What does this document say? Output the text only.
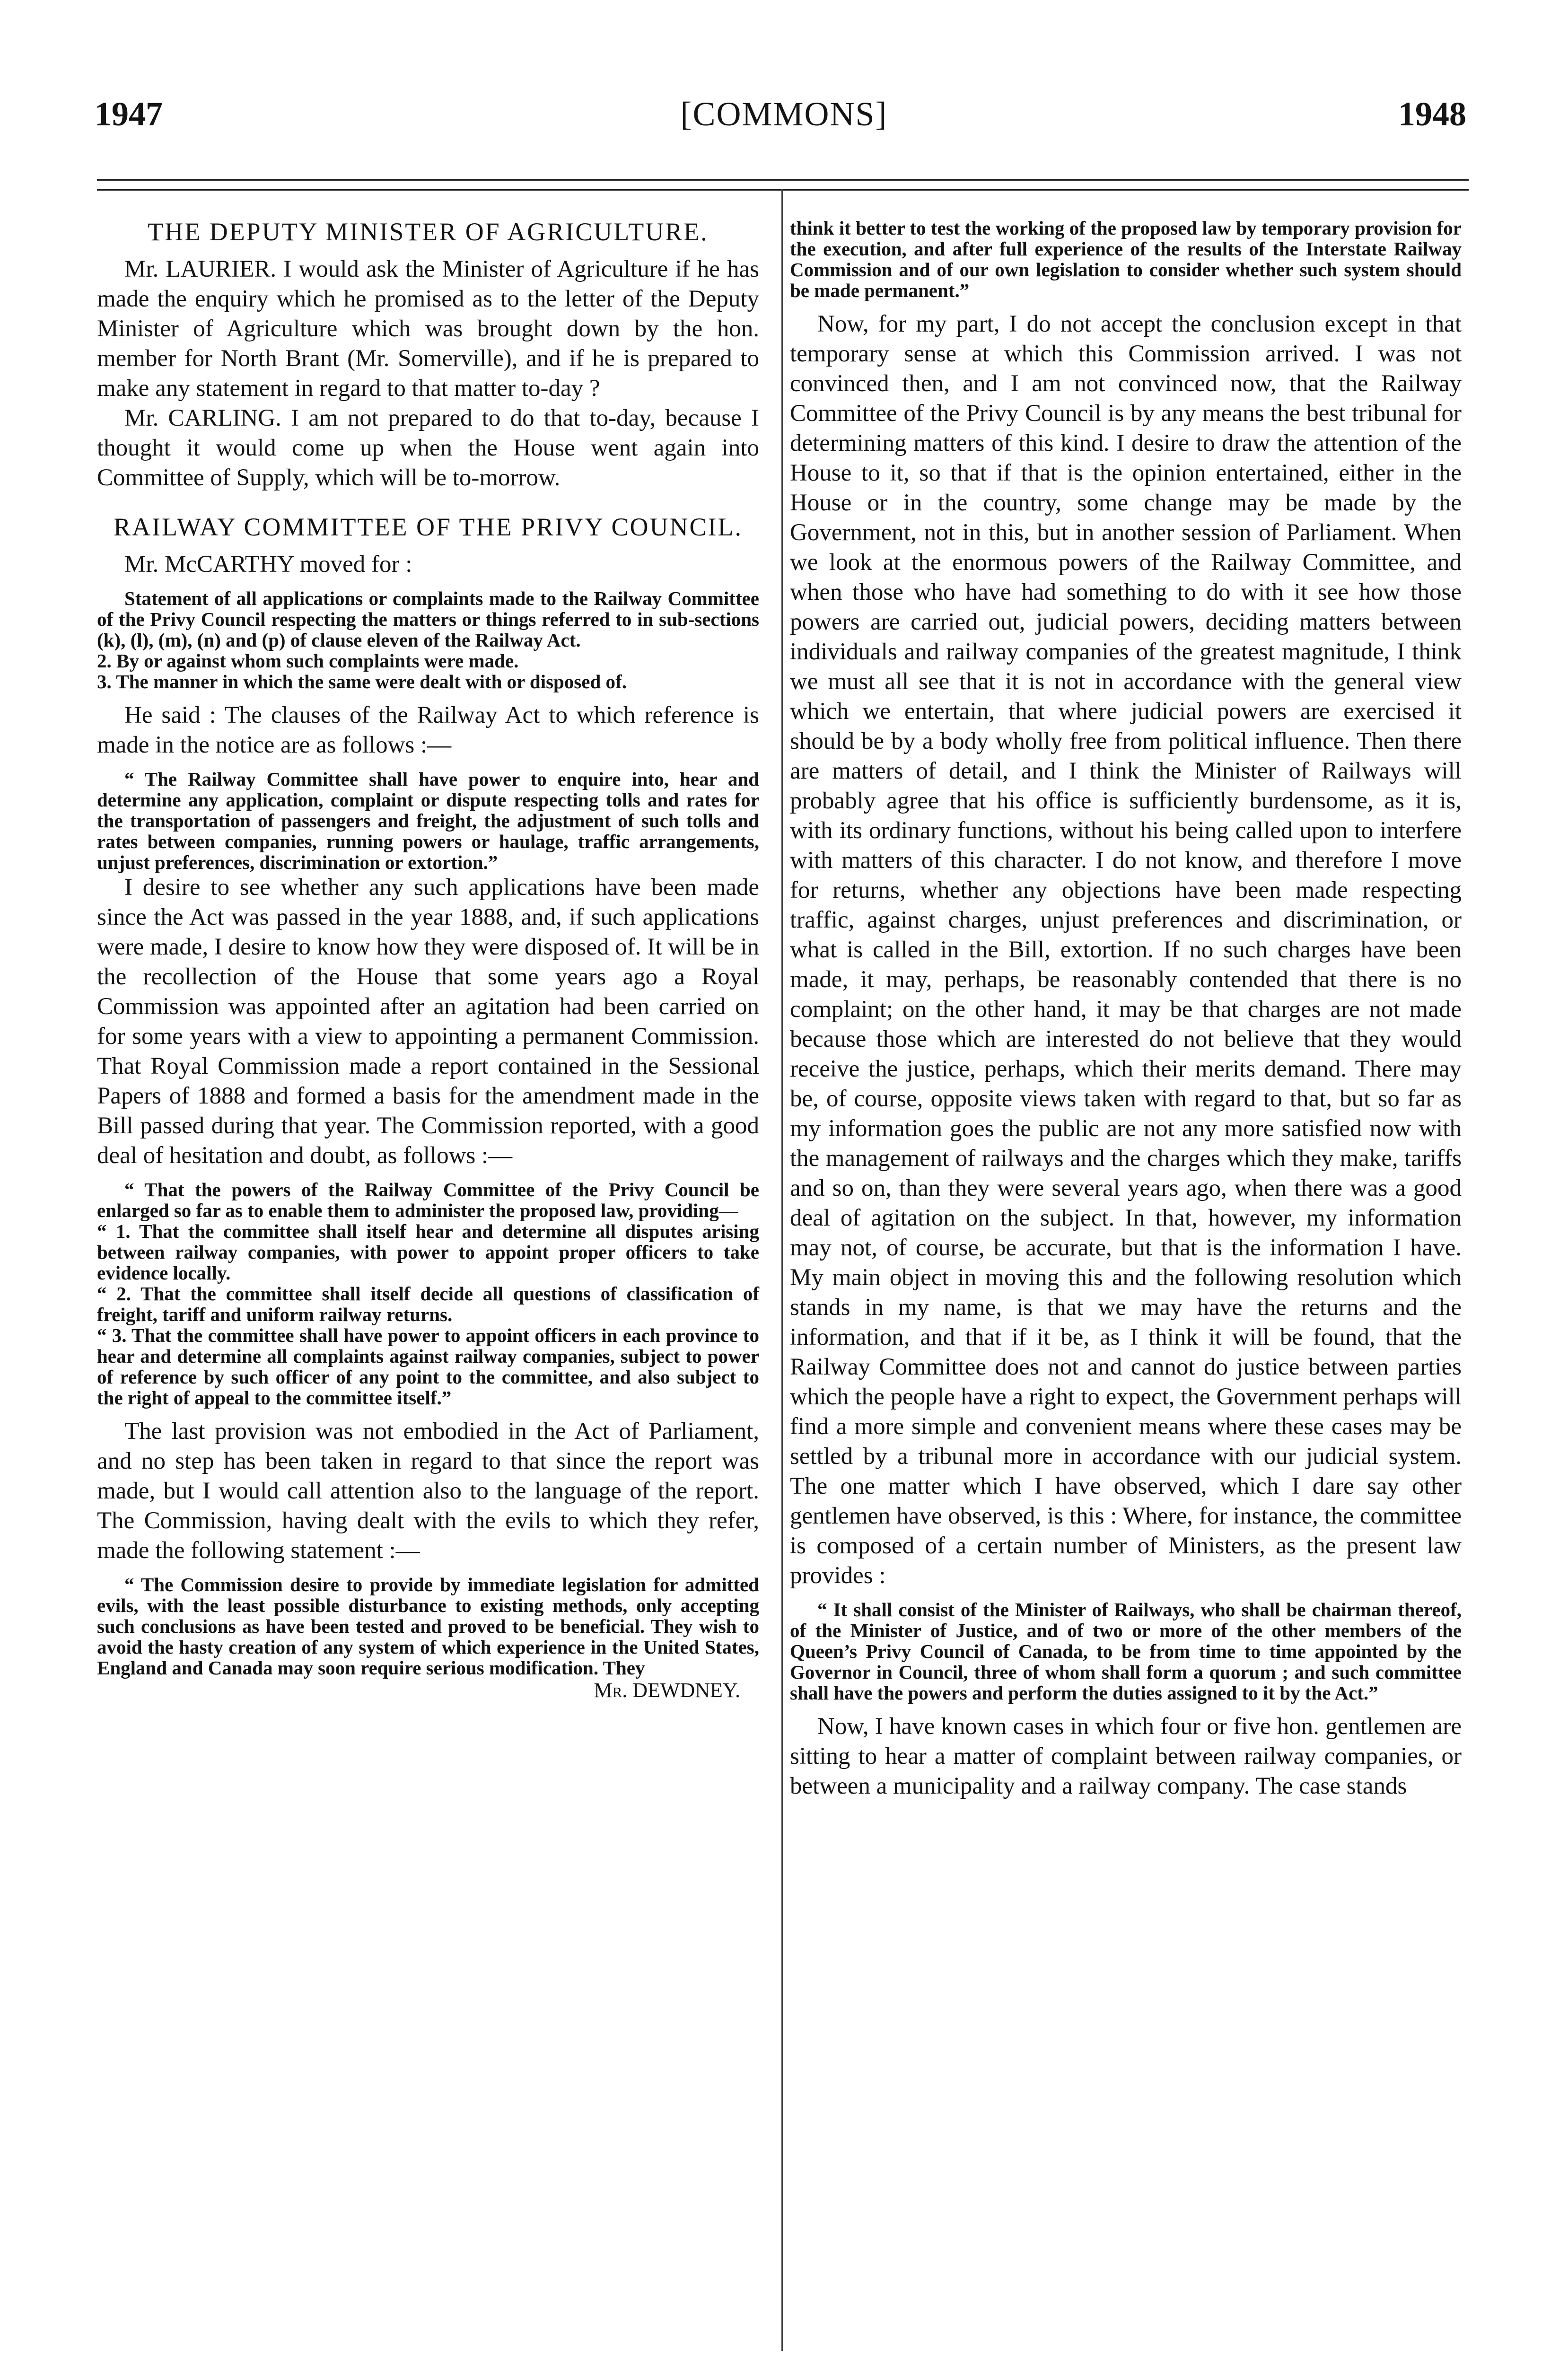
1947	[COMMONS]	1948

THE DEPUTY MINISTER OF AGRICULTURE.

Mr. LAURIER. I would ask the Minister of Agriculture if he has made the enquiry which he promised as to the letter of the Deputy Minister of Agriculture which was brought down by the hon. member for North Brant (Mr. Somerville), and if he is prepared to make any statement in regard to that matter to-day ?

Mr. CARLING. I am not prepared to do that to-day, because I thought it would come up when the House went again into Committee of Supply, which will be to-morrow.

RAILWAY COMMITTEE OF THE PRIVY COUNCIL.

Mr. McCARTHY moved for :

Statement of all applications or complaints made to the Railway Committee of the Privy Council respecting the matters or things referred to in sub-sections (k), (l), (m), (n) and (p) of clause eleven of the Railway Act.
2. By or against whom such complaints were made.
3. The manner in which the same were dealt with or disposed of.

He said : The clauses of the Railway Act to which reference is made in the notice are as follows :—

“ The Railway Committee shall have power to enquire into, hear and determine any application, complaint or dispute respecting tolls and rates for the transportation of passengers and freight, the adjustment of such tolls and rates between companies, running powers or haulage, traffic arrangements, unjust preferences, discrimination or extortion.”

I desire to see whether any such applications have been made since the Act was passed in the year 1888, and, if such applications were made, I desire to know how they were disposed of. It will be in the recollection of the House that some years ago a Royal Commission was appointed after an agitation had been carried on for some years with a view to appointing a permanent Commission. That Royal Commission made a report contained in the Sessional Papers of 1888 and formed a basis for the amendment made in the Bill passed during that year. The Commission reported, with a good deal of hesitation and doubt, as follows :—

“ That the powers of the Railway Committee of the Privy Council be enlarged so far as to enable them to administer the proposed law, providing—
“ 1. That the committee shall itself hear and determine all disputes arising between railway companies, with power to appoint proper officers to take evidence locally.
“ 2. That the committee shall itself decide all questions of classification of freight, tariff and uniform railway returns.
“ 3. That the committee shall have power to appoint officers in each province to hear and determine all complaints against railway companies, subject to power of reference by such officer of any point to the committee, and also subject to the right of appeal to the committee itself.”

The last provision was not embodied in the Act of Parliament, and no step has been taken in regard to that since the report was made, but I would call attention also to the language of the report. The Commission, having dealt with the evils to which they refer, made the following statement :—

“ The Commission desire to provide by immediate legislation for admitted evils, with the least possible disturbance to existing methods, only accepting such conclusions as have been tested and proved to be beneficial. They wish to avoid the hasty creation of any system of which experience in the United States, England and Canada may soon require serious modification. They

Mr. DEWDNEY.

think it better to test the working of the proposed law by temporary provision for the execution, and after full experience of the results of the Interstate Railway Commission and of our own legislation to consider whether such system should be made permanent.”

Now, for my part, I do not accept the conclusion except in that temporary sense at which this Commission arrived. I was not convinced then, and I am not convinced now, that the Railway Committee of the Privy Council is by any means the best tribunal for determining matters of this kind. I desire to draw the attention of the House to it, so that if that is the opinion entertained, either in the House or in the country, some change may be made by the Government, not in this, but in another session of Parliament. When we look at the enormous powers of the Railway Committee, and when those who have had something to do with it see how those powers are carried out, judicial powers, deciding matters between individuals and railway companies of the greatest magnitude, I think we must all see that it is not in accordance with the general view which we entertain, that where judicial powers are exercised it should be by a body wholly free from political influence. Then there are matters of detail, and I think the Minister of Railways will probably agree that his office is sufficiently burdensome, as it is, with its ordinary functions, without his being called upon to interfere with matters of this character. I do not know, and therefore I move for returns, whether any objections have been made respecting traffic, against charges, unjust preferences and discrimination, or what is called in the Bill, extortion. If no such charges have been made, it may, perhaps, be reasonably contended that there is no complaint; on the other hand, it may be that charges are not made because those which are interested do not believe that they would receive the justice, perhaps, which their merits demand. There may be, of course, opposite views taken with regard to that, but so far as my information goes the public are not any more satisfied now with the management of railways and the charges which they make, tariffs and so on, than they were several years ago, when there was a good deal of agitation on the subject. In that, however, my information may not, of course, be accurate, but that is the information I have. My main object in moving this and the following resolution which stands in my name, is that we may have the returns and the information, and that if it be, as I think it will be found, that the Railway Committee does not and cannot do justice between parties which the people have a right to expect, the Government perhaps will find a more simple and convenient means where these cases may be settled by a tribunal more in accordance with our judicial system. The one matter which I have observed, which I dare say other gentlemen have observed, is this : Where, for instance, the committee is composed of a certain number of Ministers, as the present law provides :

“ It shall consist of the Minister of Railways, who shall be chairman thereof, of the Minister of Justice, and of two or more of the other members of the Queen’s Privy Council of Canada, to be from time to time appointed by the Governor in Council, three of whom shall form a quorum ; and such committee shall have the powers and perform the duties assigned to it by the Act.”

Now, I have known cases in which four or five hon. gentlemen are sitting to hear a matter of complaint between railway companies, or between a municipality and a railway company. The case stands
